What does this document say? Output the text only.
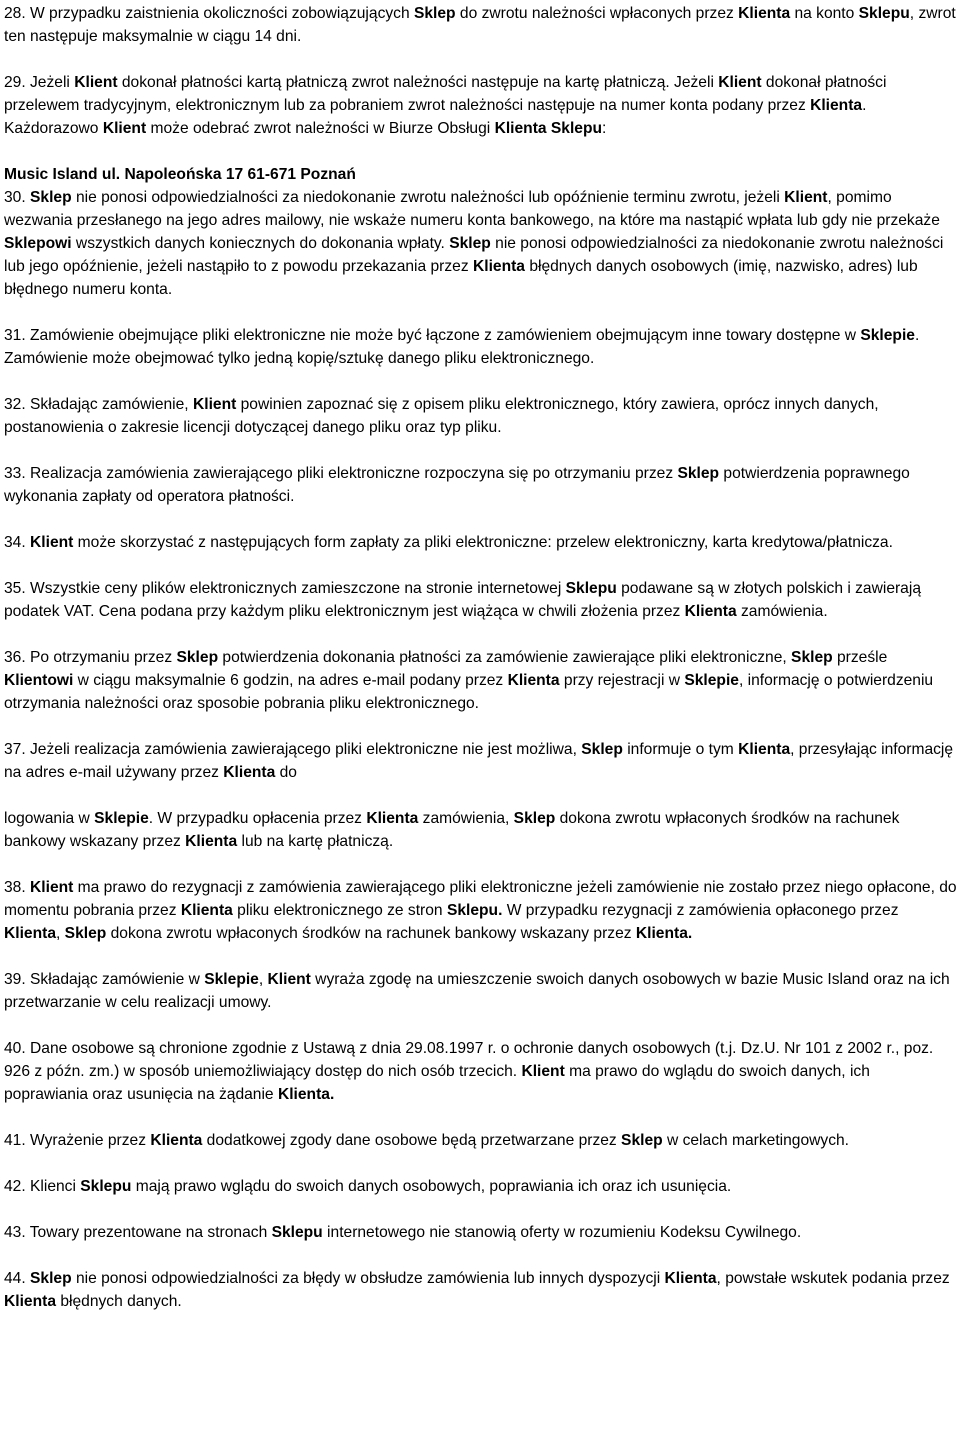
28. W przypadku zaistnienia okoliczności zobowiązujących Sklep do zwrotu należności wpłaconych przez Klienta na konto Sklepu, zwrot ten następuje maksymalnie w ciągu 14 dni.

29. Jeżeli Klient dokonał płatności kartą płatniczą zwrot należności następuje na kartę płatniczą. Jeżeli Klient dokonał płatności przelewem tradycyjnym, elektronicznym lub za pobraniem zwrot należności następuje na numer konta podany przez Klienta. Każdorazowo Klient może odebrać zwrot należności w Biurze Obsługi Klienta Sklepu:

Music Island ul. Napoleońska 17 61-671 Poznań

30. Sklep nie ponosi odpowiedzialności za niedokonanie zwrotu należności lub opóźnienie terminu zwrotu, jeżeli Klient, pomimo wezwania przesłanego na jego adres mailowy, nie wskaże numeru konta bankowego, na które ma nastąpić wpłata lub gdy nie przekaże Sklepowi wszystkich danych koniecznych do dokonania wpłaty. Sklep nie ponosi odpowiedzialności za niedokonanie zwrotu należności lub jego opóźnienie, jeżeli nastąpiło to z powodu przekazania przez Klienta błędnych danych osobowych (imię, nazwisko, adres) lub błędnego numeru konta.

31. Zamówienie obejmujące pliki elektroniczne nie może być łączone z zamówieniem obejmującym inne towary dostępne w Sklepie. Zamówienie może obejmować tylko jedną kopię/sztukę danego pliku elektronicznego.

32. Składając zamówienie, Klient powinien zapoznać się z opisem pliku elektronicznego, który zawiera, oprócz innych danych, postanowienia o zakresie licencji dotyczącej danego pliku oraz typ pliku.

33. Realizacja zamówienia zawierającego pliki elektroniczne rozpoczyna się po otrzymaniu przez Sklep potwierdzenia poprawnego wykonania zapłaty od operatora płatności.

34. Klient może skorzystać z następujących form zapłaty za pliki elektroniczne: przelew elektroniczny, karta kredytowa/płatnicza.

35. Wszystkie ceny plików elektronicznych zamieszczone na stronie internetowej Sklepu podawane są w złotych polskich i zawierają podatek VAT. Cena podana przy każdym pliku elektronicznym jest wiążąca w chwili złożenia przez Klienta zamówienia.

36. Po otrzymaniu przez Sklep potwierdzenia dokonania płatności za zamówienie zawierające pliki elektroniczne, Sklep prześle Klientowi w ciągu maksymalnie 6 godzin, na adres e-mail podany przez Klienta przy rejestracji w Sklepie, informację o potwierdzeniu otrzymania należności oraz sposobie pobrania pliku elektronicznego.

37. Jeżeli realizacja zamówienia zawierającego pliki elektroniczne nie jest możliwa, Sklep informuje o tym Klienta, przesyłając informację na adres e-mail używany przez Klienta do

logowania w Sklepie. W przypadku opłacenia przez Klienta zamówienia, Sklep dokona zwrotu wpłaconych środków na rachunek bankowy wskazany przez Klienta lub na kartę płatniczą.

38. Klient ma prawo do rezygnacji z zamówienia zawierającego pliki elektroniczne jeżeli zamówienie nie zostało przez niego opłacone, do momentu pobrania przez Klienta pliku elektronicznego ze stron Sklepu. W przypadku rezygnacji z zamówienia opłaconego przez Klienta, Sklep dokona zwrotu wpłaconych środków na rachunek bankowy wskazany przez Klienta.

39. Składając zamówienie w Sklepie, Klient wyraża zgodę na umieszczenie swoich danych osobowych w bazie Music Island oraz na ich przetwarzanie w celu realizacji umowy.

40. Dane osobowe są chronione zgodnie z Ustawą z dnia 29.08.1997 r. o ochronie danych osobowych (t.j. Dz.U. Nr 101 z 2002 r., poz. 926 z późn. zm.) w sposób uniemożliwiający dostęp do nich osób trzecich. Klient ma prawo do wglądu do swoich danych, ich poprawiania oraz usunięcia na żądanie Klienta.

41. Wyrażenie przez Klienta dodatkowej zgody dane osobowe będą przetwarzane przez Sklep w celach marketingowych.

42. Klienci Sklepu mają prawo wglądu do swoich danych osobowych, poprawiania ich oraz ich usunięcia.

43. Towary prezentowane na stronach Sklepu internetowego nie stanowią oferty w rozumieniu Kodeksu Cywilnego.

44. Sklep nie ponosi odpowiedzialności za błędy w obsłudze zamówienia lub innych dyspozycji Klienta, powstałe wskutek podania przez Klienta błędnych danych.
